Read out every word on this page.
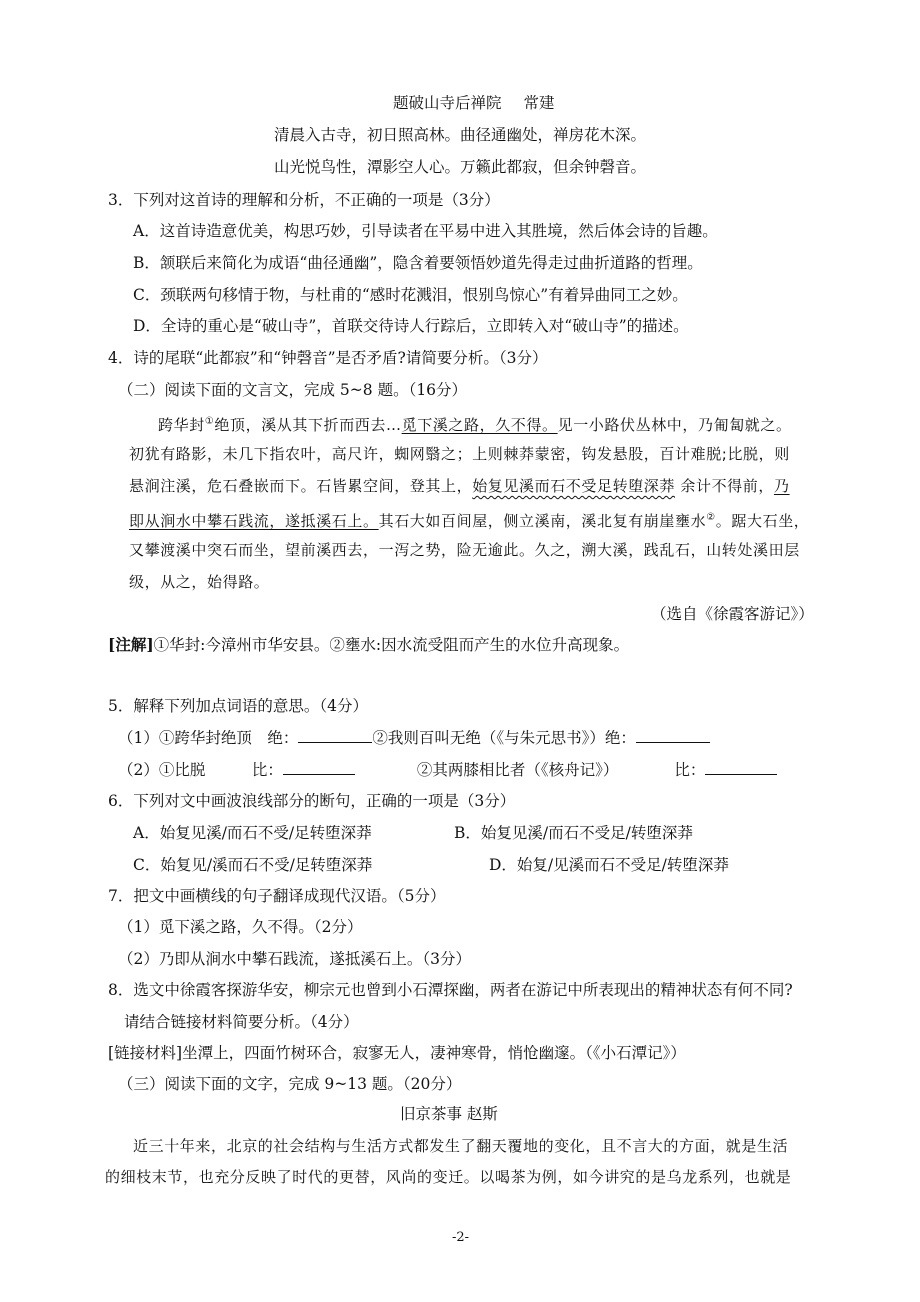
题破山寺后禅院 常建
清晨入古寺，初日照高林。曲径通幽处，禅房花木深。
山光悦鸟性，潭影空人心。万籁此都寂，但余钟磬音。
3．下列对这首诗的理解和分析，不正确的一项是（3分）
A．这首诗造意优美，构思巧妙，引导读者在平易中进入其胜境，然后体会诗的旨趣。
B．颔联后来简化为成语“曲径通幽”，隐含着要领悟妙道先得走过曲折道路的哲理。
C．颈联两句移情于物，与杜甫的“感时花溅泪，恨别鸟惊心”有着异曲同工之妙。
D．全诗的重心是“破山寺”，首联交待诗人行踪后，立即转入对“破山寺”的描述。
4．诗的尾联“此都寂”和“钟磬音”是否矛盾?请简要分析。（3分）
（二）阅读下面的文言文，完成 5~8 题。（16分）
跨华封①绝顶，溪从其下折而西去…觅下溪之路，久不得。见一小路伏丛林中，乃匍匐就之。
初犹有路影，未几下指农叶，高尺许，蜘网翳之；上则棘莽蒙密，钩发悬股，百计难脱;比脱，则
悬涧注溪，危石叠嵌而下。石皆累空间，登其上，始复见溪而石不受足转堕深莽 余计不得前，乃
即从涧水中攀石践流，遂抵溪石上。其石大如百间屋，侧立溪南，溪北复有崩崖壅水②。踞大石坐，
又攀渡溪中突石而坐，望前溪西去，一泻之势，险无逾此。久之，溯大溪，践乱石，山转处溪田层
级，从之，始得路。
（选自《徐霞客游记》）
[注解]①华封:今漳州市华安县。②壅水:因水流受阻而产生的水位升高现象。
5．解释下列加点词语的意思。（4分）
（1）①跨华封绝顶　绝：	②我则百叫无绝（《与朱元思书》）绝：
（2）①比脱　　　比：	②其两膝相比者（《核舟记》）	比：
6．下列对文中画波浪线部分的断句，正确的一项是（3分）
A．始复见溪/而石不受/足转堕深莽	B．始复见溪/而石不受足/转堕深莽
C．始复见/溪而石不受/足转堕深莽	D．始复/见溪而石不受足/转堕深莽
7．把文中画横线的句子翻译成现代汉语。（5分）
（1）觅下溪之路，久不得。（2分）
（2）乃即从涧水中攀石践流，遂抵溪石上。（3分）
8．选文中徐霞客探游华安，柳宗元也曾到小石潭探幽，两者在游记中所表现出的精神状态有何不同?
请结合链接材料简要分析。（4分）
[链接材料]坐潭上，四面竹树环合，寂寥无人，凄神寒骨，悄怆幽邃。（《小石潭记》）
（三）阅读下面的文字，完成 9~13 题。（20分）
旧京茶事 赵斯
近三十年来，北京的社会结构与生活方式都发生了翻天覆地的变化，且不言大的方面，就是生活
的细枝末节，也充分反映了时代的更替，风尚的变迁。以喝茶为例，如今讲究的是乌龙系列，也就是
-2-
